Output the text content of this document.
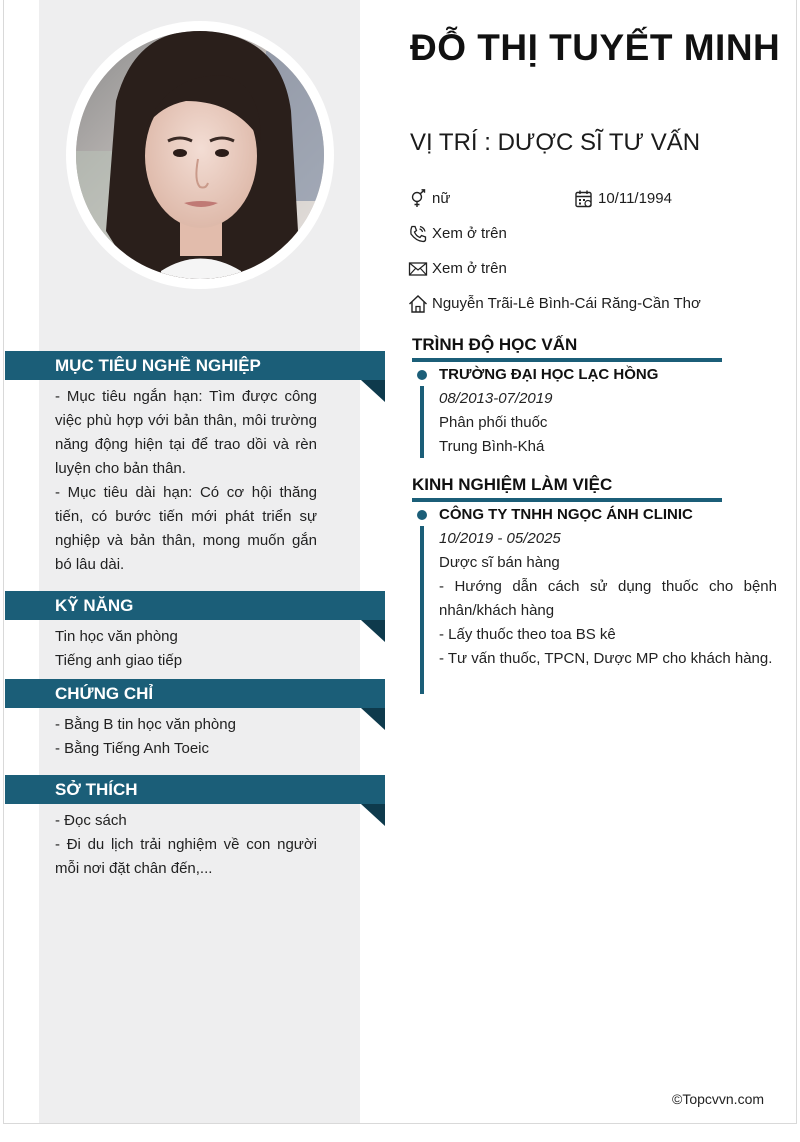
MỤC TIÊU NGHỀ NGHIỆP
- Mục tiêu ngắn hạn: Tìm được công việc phù hợp với bản thân, môi trường năng động hiện tại để trao dồi và rèn luyện cho bản thân.
- Mục tiêu dài hạn: Có cơ hội thăng tiến, có bước tiến mới phát triển sự nghiệp và bản thân, mong muốn gắn bó lâu dài.
KỸ NĂNG
Tin học văn phòng
Tiếng anh giao tiếp
CHỨNG CHỈ
- Bằng B tin học văn phòng
- Bằng Tiếng Anh Toeic
SỞ THÍCH
- Đọc sách
- Đi du lịch trải nghiệm về con người mỗi nơi đặt chân đến,...
ĐỖ THỊ TUYẾT MINH
VỊ TRÍ : DƯỢC SĨ TƯ VẤN
nữ	10/11/1994
Xem ở trên
Xem ở trên
Nguyễn Trãi-Lê Bình-Cái Răng-Cần Thơ
TRÌNH ĐỘ HỌC VẤN
TRƯỜNG ĐẠI HỌC LẠC HỒNG
08/2013-07/2019
Phân phối thuốc
Trung Bình-Khá
KINH NGHIỆM LÀM VIỆC
CÔNG TY TNHH NGỌC ÁNH CLINIC
10/2019 - 05/2025
Dược sĩ bán hàng
- Hướng dẫn cách sử dụng thuốc cho bệnh nhân/khách hàng
- Lấy thuốc theo toa BS kê
- Tư vấn thuốc, TPCN, Dược MP cho khách hàng.
©Topcvvn.com
